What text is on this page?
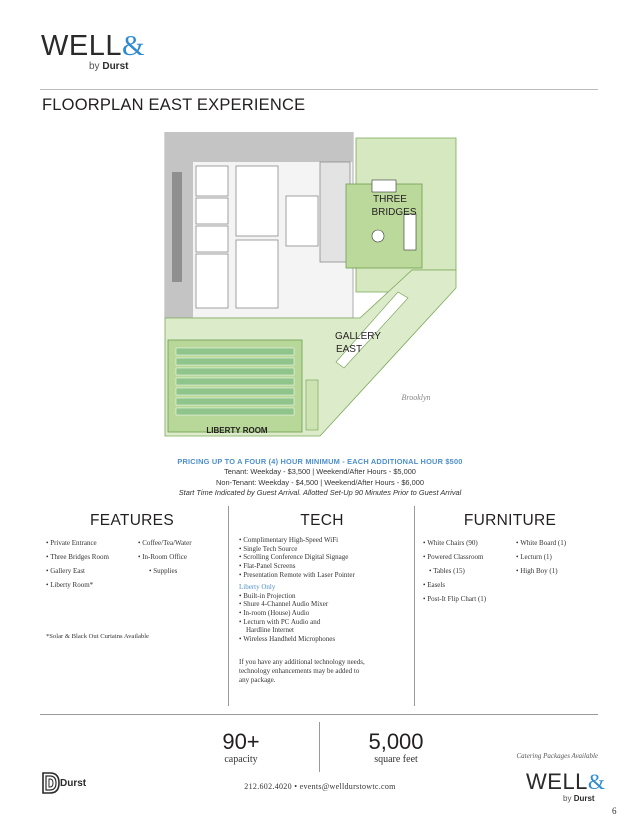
WELL&
by Durst
FLOORPLAN EAST EXPERIENCE
THREE
BRIDGES
GALLERY
EAST
LIBERTY ROOM
Brooklyn
PRICING UP TO A FOUR (4) HOUR MINIMUM - EACH ADDITIONAL HOUR $500
Tenant: Weekday - $3,500 | Weekend/After Hours - $5,000
Non-Tenant: Weekday - $4,500 | Weekend/After Hours - $6,000
Start Time Indicated by Guest Arrival. Allotted Set-Up 90 Minutes Prior to Guest Arrival
FEATURES
• Private Entrance
• Three Bridges Room
• Gallery East
• Liberty Room*
• Coffee/Tea/Water
• In-Room Office
• Supplies
*Solar & Black Out Curtains Available
TECH
• Complimentary High-Speed WiFi
• Single Tech Source
• Scrolling Conference Digital Signage
• Flat-Panel Screens
• Presentation Remote with Laser Pointer
Liberty Only
• Built-in Projection
• Shure 4-Channel Audio Mixer
• In-room (House) Audio
• Lecturn with PC Audio and
Hardline Internet
• Wireless Handheld Microphones
If you have any additional technology needs,
technology enhancements may be added to
any package.
FURNITURE
• White Chairs (90)
• Powered Classroom
• Tables (15)
• Easels
• Post-It Flip Chart (1)
• White Board (1)
• Lecturn (1)
• High Boy (1)
90+
capacity
5,000
square feet	Catering Packages Available
Durst	212.602.4020 • events@welldurstowtc.com	WELL&
by Durst
6
